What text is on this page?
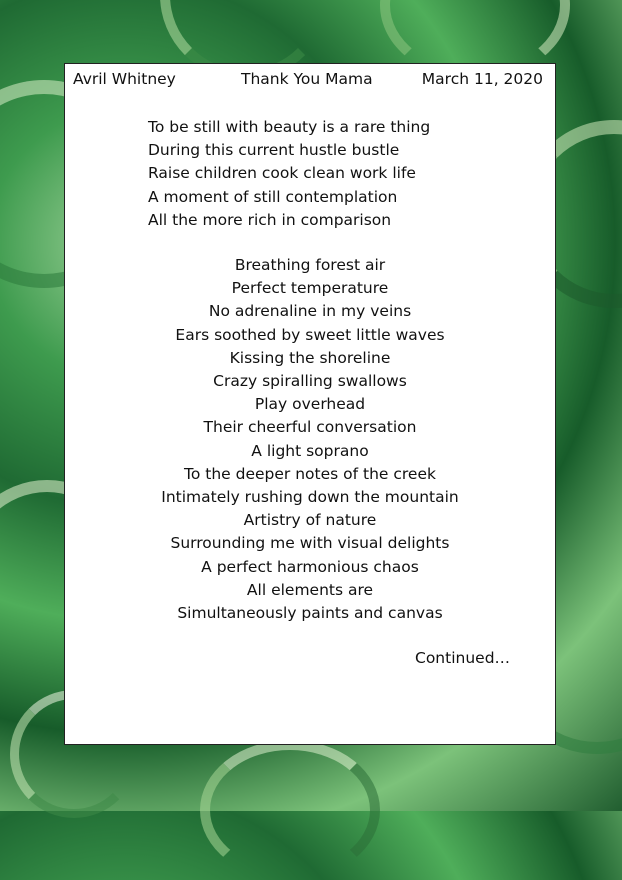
Avril Whitney	Thank You Mama	March 11, 2020
To be still with beauty is a rare thing
During this current hustle bustle
Raise children cook clean work life
A moment of still contemplation
All the more rich in comparison
Breathing forest air
Perfect temperature
No adrenaline in my veins
Ears soothed by sweet little waves
Kissing the shoreline
Crazy spiralling swallows
Play overhead
Their cheerful conversation
A light soprano
To the deeper notes of the creek
Intimately rushing down the mountain
Artistry of nature
Surrounding me with visual delights
A perfect harmonious chaos
All elements are
Simultaneously paints and canvas
Continued…
